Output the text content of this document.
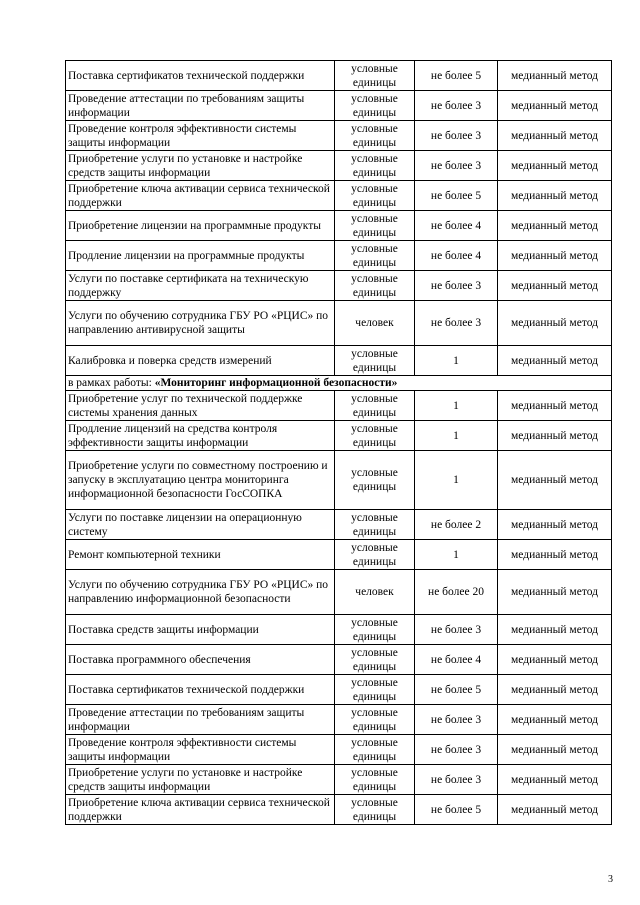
Поставка сертификатов технической поддержки	условные единицы	не более 5	медианный метод
Проведение аттестации по требованиям защиты информации	условные единицы	не более 3	медианный метод
Проведение контроля эффективности системы защиты информации	условные единицы	не более 3	медианный метод
Приобретение услуги по установке и настройке средств защиты информации	условные единицы	не более 3	медианный метод
Приобретение ключа активации сервиса технической поддержки	условные единицы	не более 5	медианный метод
Приобретение лицензии на программные продукты	условные единицы	не более 4	медианный метод
Продление лицензии на программные продукты	условные единицы	не более 4	медианный метод
Услуги по поставке сертификата на техническую поддержку	условные единицы	не более 3	медианный метод
Услуги по обучению сотрудника ГБУ РО «РЦИС» по направлению антивирусной защиты	человек	не более 3	медианный метод
Калибровка и поверка средств измерений	условные единицы	1	медианный метод
в рамках работы: «Мониторинг информационной безопасности»			
Приобретение услуг по технической поддержке системы хранения данных	условные единицы	1	медианный метод
Продление лицензий на средства контроля эффективности защиты информации	условные единицы	1	медианный метод
Приобретение услуги по совместному построению и запуску в эксплуатацию центра мониторинга информационной безопасности ГосСОПКА	условные единицы	1	медианный метод
Услуги по поставке лицензии на операционную систему	условные единицы	не более 2	медианный метод
Ремонт компьютерной техники	условные единицы	1	медианный метод
Услуги по обучению сотрудника ГБУ РО «РЦИС» по направлению информационной безопасности	человек	не более 20	медианный метод
Поставка средств защиты информации	условные единицы	не более 3	медианный метод
Поставка программного обеспечения	условные единицы	не более 4	медианный метод
Поставка сертификатов технической поддержки	условные единицы	не более 5	медианный метод
Проведение аттестации по требованиям защиты информации	условные единицы	не более 3	медианный метод
Проведение контроля эффективности системы защиты информации	условные единицы	не более 3	медианный метод
Приобретение услуги по установке и настройке средств защиты информации	условные единицы	не более 3	медианный метод
Приобретение ключа активации сервиса технической поддержки	условные единицы	не более 5	медианный метод
3
